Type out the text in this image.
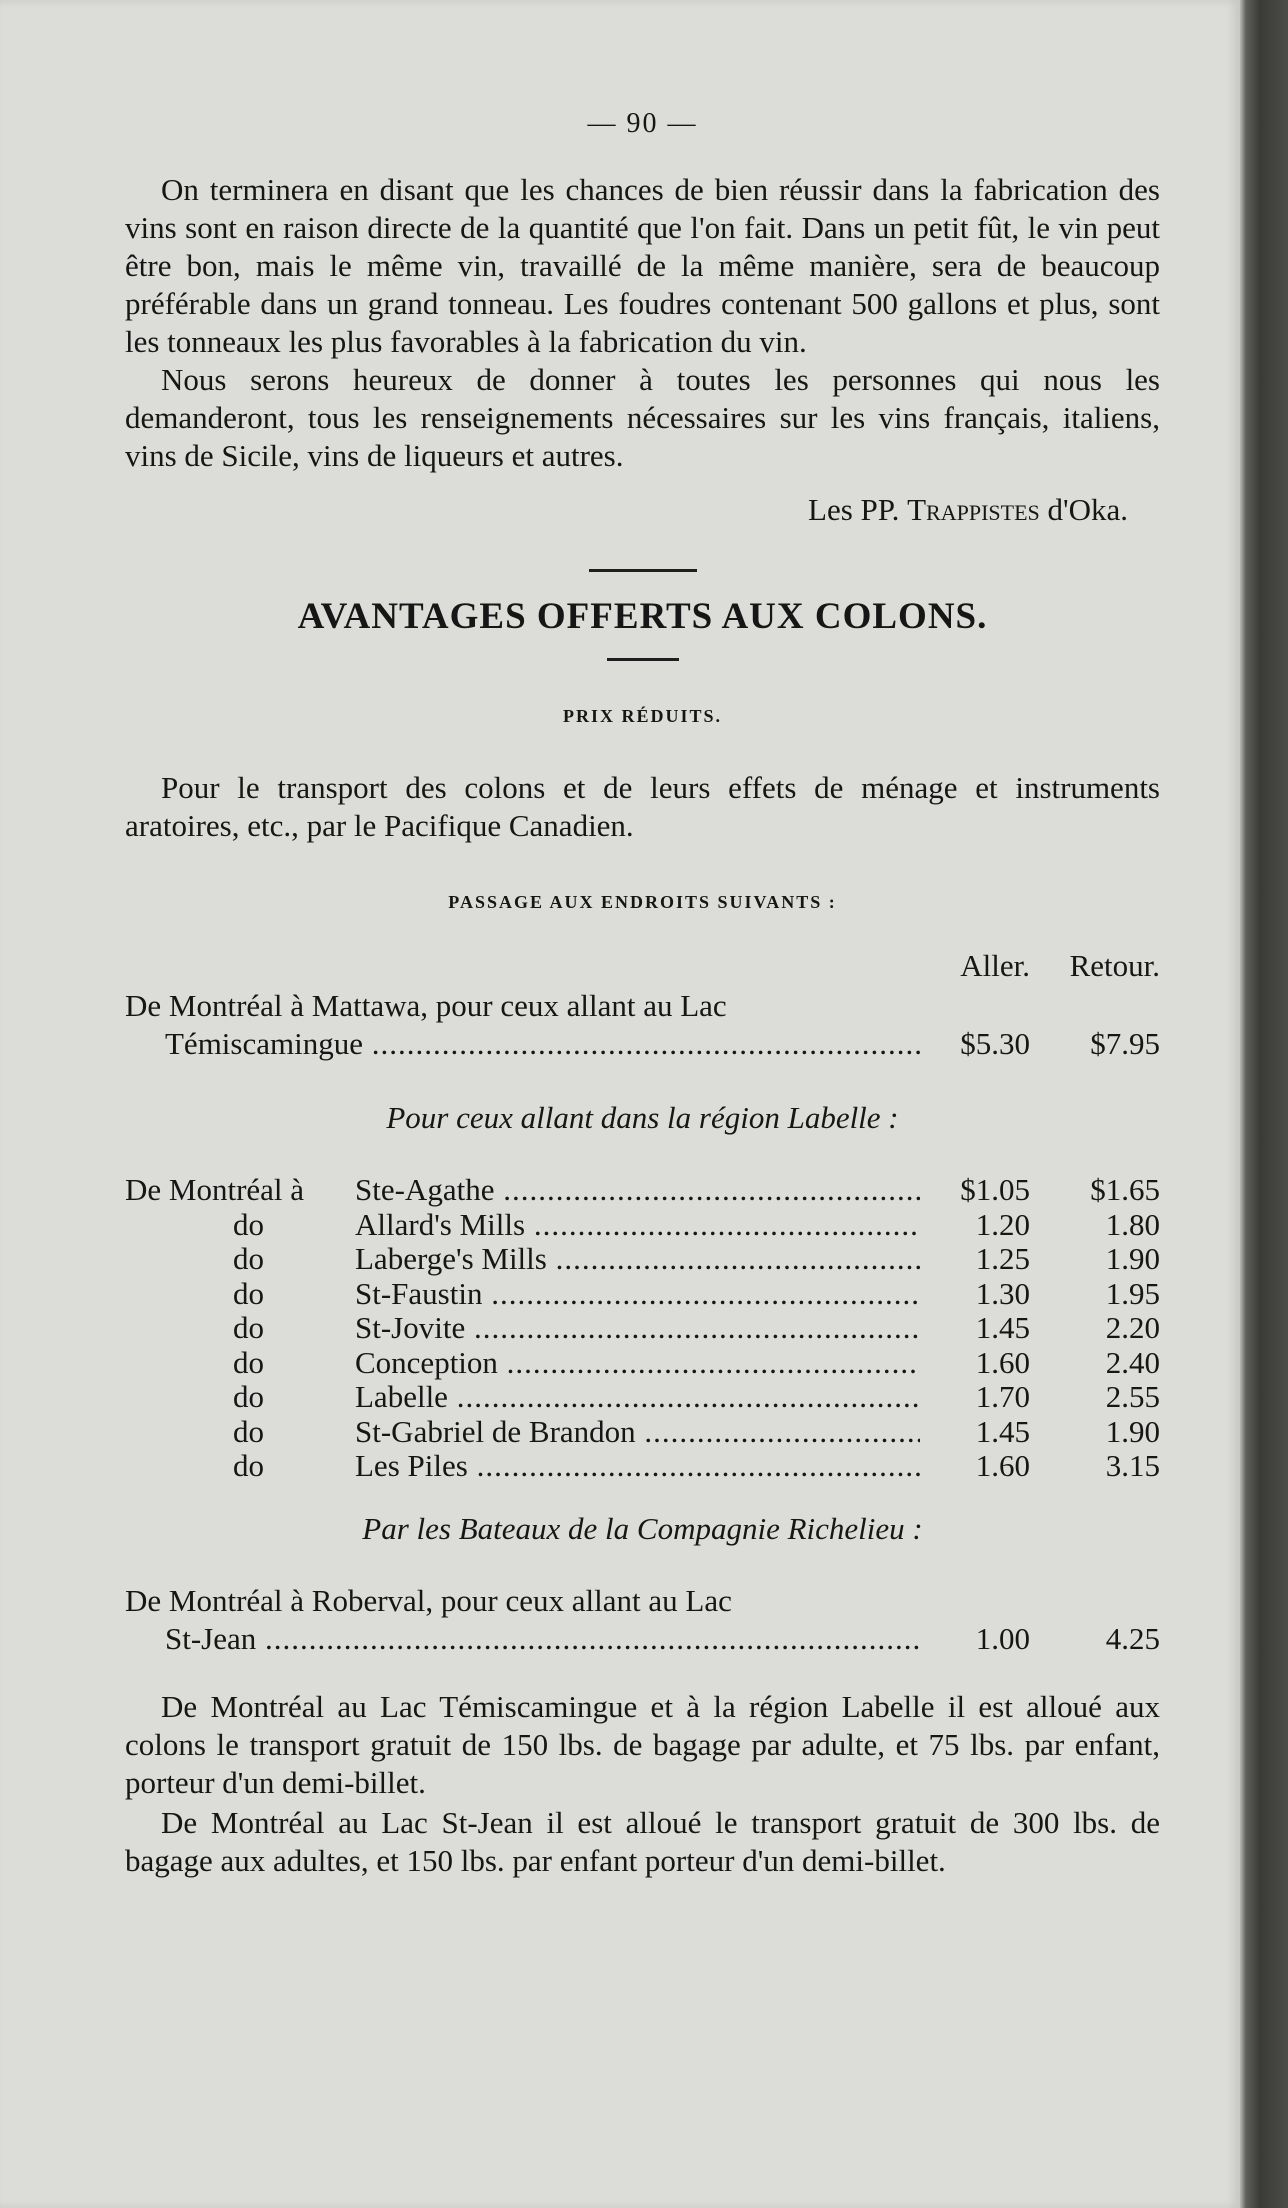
— 90 —

On terminera en disant que les chances de bien réussir dans la fabrication des vins sont en raison directe de la quantité que l'on fait. Dans un petit fût, le vin peut être bon, mais le même vin, travaillé de la même manière, sera de beaucoup préférable dans un grand tonneau. Les foudres contenant 500 gallons et plus, sont les tonneaux les plus favorables à la fabrication du vin.

Nous serons heureux de donner à toutes les personnes qui nous les demanderont, tous les renseignements nécessaires sur les vins français, italiens, vins de Sicile, vins de liqueurs et autres.

Les PP. Trappistes d'Oka.
AVANTAGES OFFERTS AUX COLONS.
PRIX RÉDUITS.

Pour le transport des colons et de leurs effets de ménage et instruments aratoires, etc., par le Pacifique Canadien.

PASSAGE AUX ENDROITS SUIVANTS :
Aller.	Retour.
De Montréal à Mattawa, pour ceux allant au Lac
Témiscamingue .....	$5.30	$7.95
Pour ceux allant dans la région Labelle :
De Montréal à Ste-Agathe .....	$1.05	$1.65
do	Allard's Mills .....	1.20	1.80
do	Laberge's Mills .....	1.25	1.90
do	St-Faustin .....	1.30	1.95
do	St-Jovite .....	1.45	2.20
do	Conception .....	1.60	2.40
do	Labelle .....	1.70	2.55
do	St-Gabriel de Brandon .....	1.45	1.90
do	Les Piles .....	1.60	3.15
Par les Bateaux de la Compagnie Richelieu :
De Montréal à Roberval, pour ceux allant au Lac
St-Jean .....	1.00	4.25

De Montréal au Lac Témiscamingue et à la région Labelle il est alloué aux colons le transport gratuit de 150 lbs. de bagage par adulte, et 75 lbs. par enfant, porteur d'un demi-billet.

De Montréal au Lac St-Jean il est alloué le transport gratuit de 300 lbs. de bagage aux adultes, et 150 lbs. par enfant porteur d'un demi-billet.
